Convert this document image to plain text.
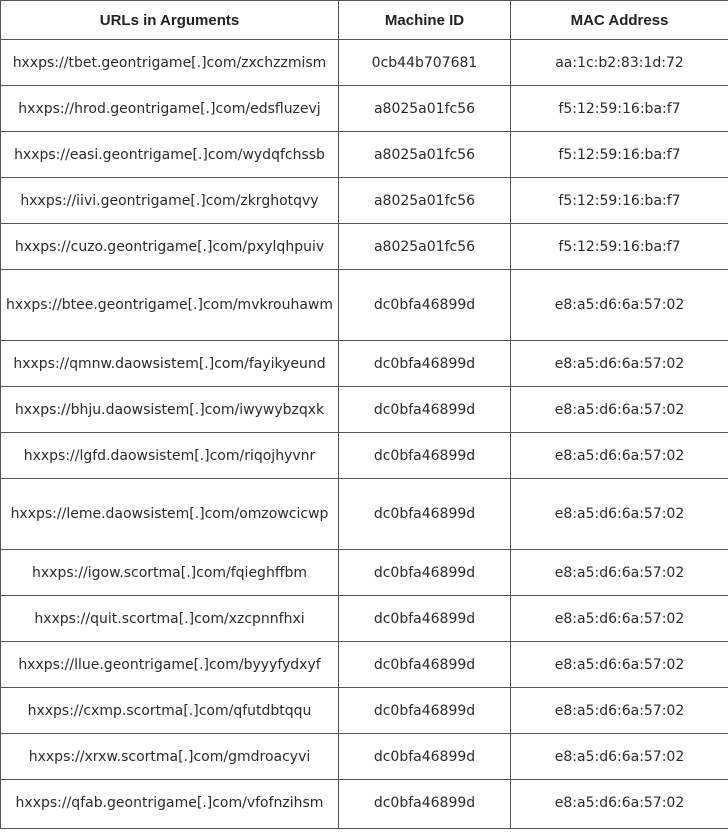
URLs in Arguments	Machine ID	MAC Address
hxxps://tbet.geontrigame[.]com/zxchzzmism	0cb44b707681	aa:1c:b2:83:1d:72
hxxps://hrod.geontrigame[.]com/edsfluzevj	a8025a01fc56	f5:12:59:16:ba:f7
hxxps://easi.geontrigame[.]com/wydqfchssb	a8025a01fc56	f5:12:59:16:ba:f7
hxxps://iivi.geontrigame[.]com/zkrghotqvy	a8025a01fc56	f5:12:59:16:ba:f7
hxxps://cuzo.geontrigame[.]com/pxylqhpuiv	a8025a01fc56	f5:12:59:16:ba:f7
hxxps://btee.geontrigame[.]com/mvkrouhawm	dc0bfa46899d	e8:a5:d6:6a:57:02
hxxps://qmnw.daowsistem[.]com/fayikyeund	dc0bfa46899d	e8:a5:d6:6a:57:02
hxxps://bhju.daowsistem[.]com/iwywybzqxk	dc0bfa46899d	e8:a5:d6:6a:57:02
hxxps://lgfd.daowsistem[.]com/riqojhyvnr	dc0bfa46899d	e8:a5:d6:6a:57:02
hxxps://leme.daowsistem[.]com/omzowcicwp	dc0bfa46899d	e8:a5:d6:6a:57:02
hxxps://igow.scortma[.]com/fqieghffbm	dc0bfa46899d	e8:a5:d6:6a:57:02
hxxps://quit.scortma[.]com/xzcpnnfhxi	dc0bfa46899d	e8:a5:d6:6a:57:02
hxxps://llue.geontrigame[.]com/byyyfydxyf	dc0bfa46899d	e8:a5:d6:6a:57:02
hxxps://cxmp.scortma[.]com/qfutdbtqqu	dc0bfa46899d	e8:a5:d6:6a:57:02
hxxps://xrxw.scortma[.]com/gmdroacyvi	dc0bfa46899d	e8:a5:d6:6a:57:02
hxxps://qfab.geontrigame[.]com/vfofnzihsm	dc0bfa46899d	e8:a5:d6:6a:57:02
